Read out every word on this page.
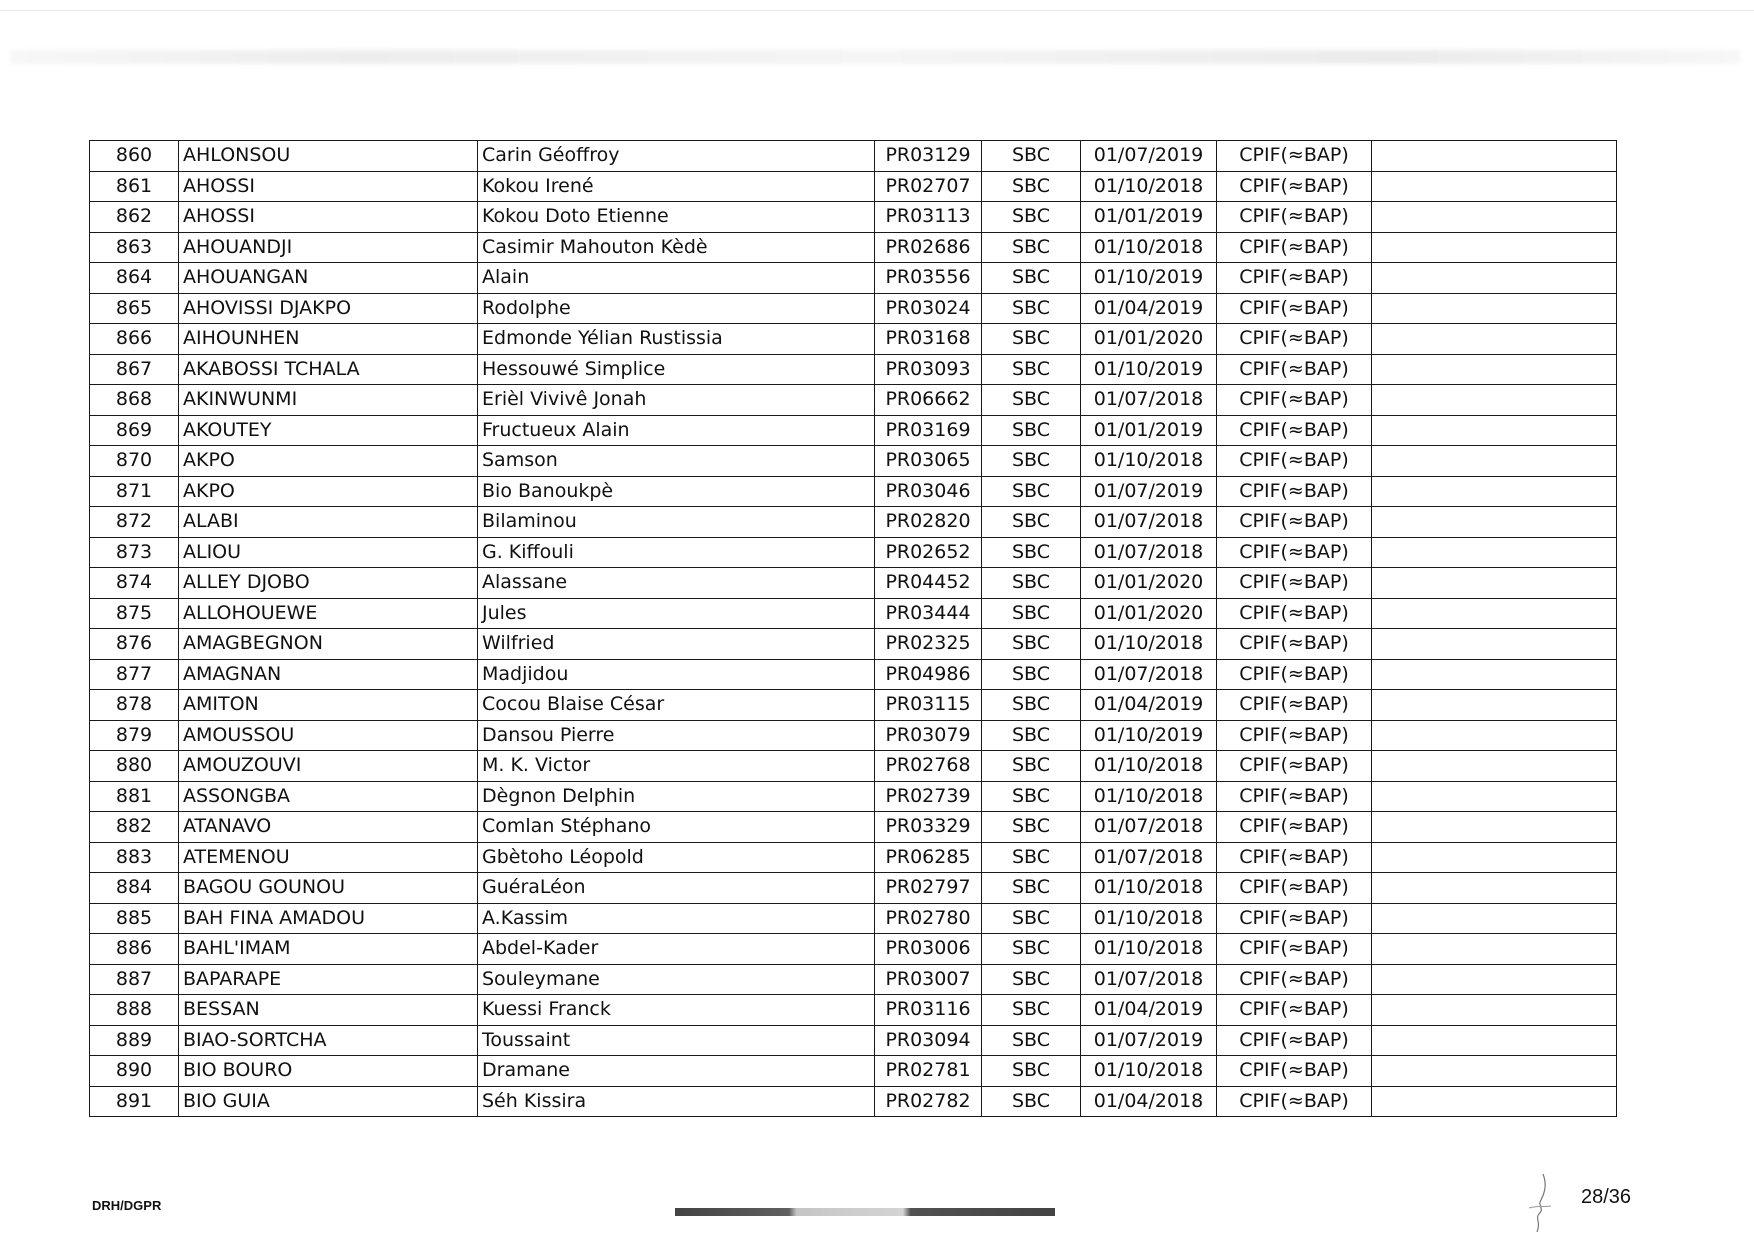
860	AHLONSOU	Carin Géoffroy	PR03129	SBC	01/07/2019	CPIF(≈BAP)	
861	AHOSSI	Kokou Irené	PR02707	SBC	01/10/2018	CPIF(≈BAP)	
862	AHOSSI	Kokou Doto Etienne	PR03113	SBC	01/01/2019	CPIF(≈BAP)	
863	AHOUANDJI	Casimir Mahouton Kèdè	PR02686	SBC	01/10/2018	CPIF(≈BAP)	
864	AHOUANGAN	Alain	PR03556	SBC	01/10/2019	CPIF(≈BAP)	
865	AHOVISSI DJAKPO	Rodolphe	PR03024	SBC	01/04/2019	CPIF(≈BAP)	
866	AIHOUNHEN	Edmonde Yélian Rustissia	PR03168	SBC	01/01/2020	CPIF(≈BAP)	
867	AKABOSSI TCHALA	Hessouwé Simplice	PR03093	SBC	01/10/2019	CPIF(≈BAP)	
868	AKINWUNMI	Erièl Vivivê Jonah	PR06662	SBC	01/07/2018	CPIF(≈BAP)	
869	AKOUTEY	Fructueux Alain	PR03169	SBC	01/01/2019	CPIF(≈BAP)	
870	AKPO	Samson	PR03065	SBC	01/10/2018	CPIF(≈BAP)	
871	AKPO	Bio Banoukpè	PR03046	SBC	01/07/2019	CPIF(≈BAP)	
872	ALABI	Bilaminou	PR02820	SBC	01/07/2018	CPIF(≈BAP)	
873	ALIOU	G. Kiffouli	PR02652	SBC	01/07/2018	CPIF(≈BAP)	
874	ALLEY DJOBO	Alassane	PR04452	SBC	01/01/2020	CPIF(≈BAP)	
875	ALLOHOUEWE	Jules	PR03444	SBC	01/01/2020	CPIF(≈BAP)	
876	AMAGBEGNON	Wilfried	PR02325	SBC	01/10/2018	CPIF(≈BAP)	
877	AMAGNAN	Madjidou	PR04986	SBC	01/07/2018	CPIF(≈BAP)	
878	AMITON	Cocou Blaise César	PR03115	SBC	01/04/2019	CPIF(≈BAP)	
879	AMOUSSOU	Dansou Pierre	PR03079	SBC	01/10/2019	CPIF(≈BAP)	
880	AMOUZOUVI	M. K. Victor	PR02768	SBC	01/10/2018	CPIF(≈BAP)	
881	ASSONGBA	Dègnon Delphin	PR02739	SBC	01/10/2018	CPIF(≈BAP)	
882	ATANAVO	Comlan Stéphano	PR03329	SBC	01/07/2018	CPIF(≈BAP)	
883	ATEMENOU	Gbètoho Léopold	PR06285	SBC	01/07/2018	CPIF(≈BAP)	
884	BAGOU GOUNOU	GuéraLéon	PR02797	SBC	01/10/2018	CPIF(≈BAP)	
885	BAH FINA AMADOU	A.Kassim	PR02780	SBC	01/10/2018	CPIF(≈BAP)	
886	BAHL'IMAM	Abdel-Kader	PR03006	SBC	01/10/2018	CPIF(≈BAP)	
887	BAPARAPE	Souleymane	PR03007	SBC	01/07/2018	CPIF(≈BAP)	
888	BESSAN	Kuessi Franck	PR03116	SBC	01/04/2019	CPIF(≈BAP)	
889	BIAO-SORTCHA	Toussaint	PR03094	SBC	01/07/2019	CPIF(≈BAP)	
890	BIO BOURO	Dramane	PR02781	SBC	01/10/2018	CPIF(≈BAP)	
891	BIO GUIA	Séh Kissira	PR02782	SBC	01/04/2018	CPIF(≈BAP)	
DRH/DGPR	28/36
